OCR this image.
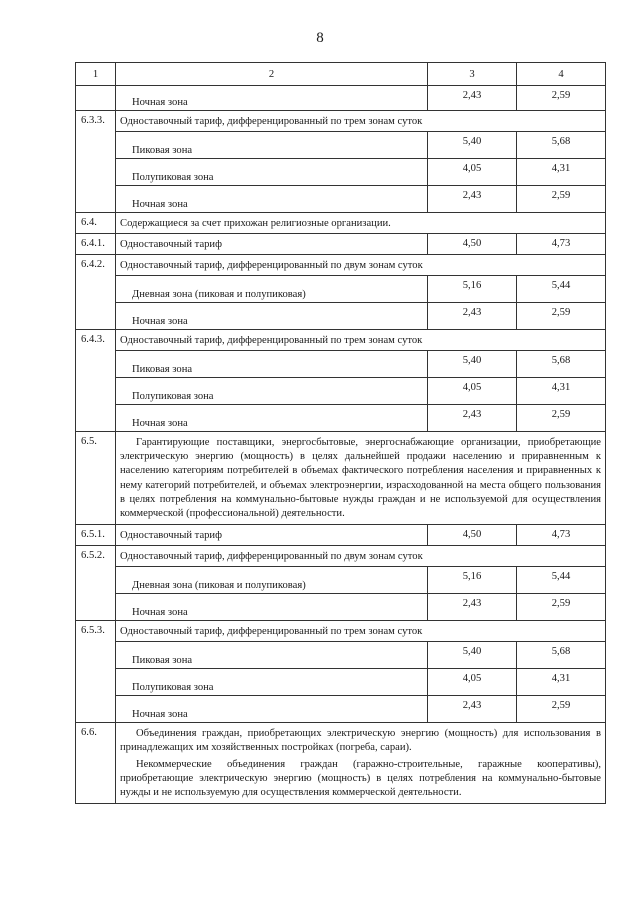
8
1	2	3	4
	Ночная зона	2,43	2,59
6.3.3.	Одноставочный тариф, дифференцированный по трем зонам суток		
	Пиковая зона	5,40	5,68
	Полупиковая зона	4,05	4,31
	Ночная зона	2,43	2,59
6.4.	Содержащиеся за счет прихожан религиозные организации.		
6.4.1.	Одноставочный тариф	4,50	4,73
6.4.2.	Одноставочный тариф, дифференцированный по двум зонам суток		
	Дневная зона (пиковая и полупиковая)	5,16	5,44
	Ночная зона	2,43	2,59
6.4.3.	Одноставочный тариф, дифференцированный по трем зонам суток		
	Пиковая зона	5,40	5,68
	Полупиковая зона	4,05	4,31
	Ночная зона	2,43	2,59
6.5.	Гарантирующие поставщики, энергосбытовые, энергоснабжающие организации, приобретающие электрическую энергию (мощность) в целях дальнейшей продажи населению и приравненным к населению категориям потребителей в объемах фактического потребления населения и приравненных к нему категорий потребителей, и объемах электроэнергии, израсходованной на места общего пользования в целях потребления на коммунально-бытовые нужды граждан и не используемой для осуществления коммерческой (профессиональной) деятельности.		

6.5.1.	Одноставочный тариф	4,50	4,73
6.5.2.	Одноставочный тариф, дифференцированный по двум зонам суток		
	Дневная зона (пиковая и полупиковая)	5,16	5,44
	Ночная зона	2,43	2,59
6.5.3.	Одноставочный тариф, дифференцированный по трем зонам суток		
	Пиковая зона	5,40	5,68
	Полупиковая зона	4,05	4,31
	Ночная зона	2,43	2,59
6.6.	Объединения граждан, приобретающих электрическую энергию (мощность) для использования в принадлежащих им хозяйственных постройках (погреба, сараи).

Некоммерческие объединения граждан (гаражно-строительные, гаражные кооперативы), приобретающие электрическую энергию (мощность) в целях потребления на коммунально-бытовые нужды и не используемую для осуществления коммерческой деятельности.		
